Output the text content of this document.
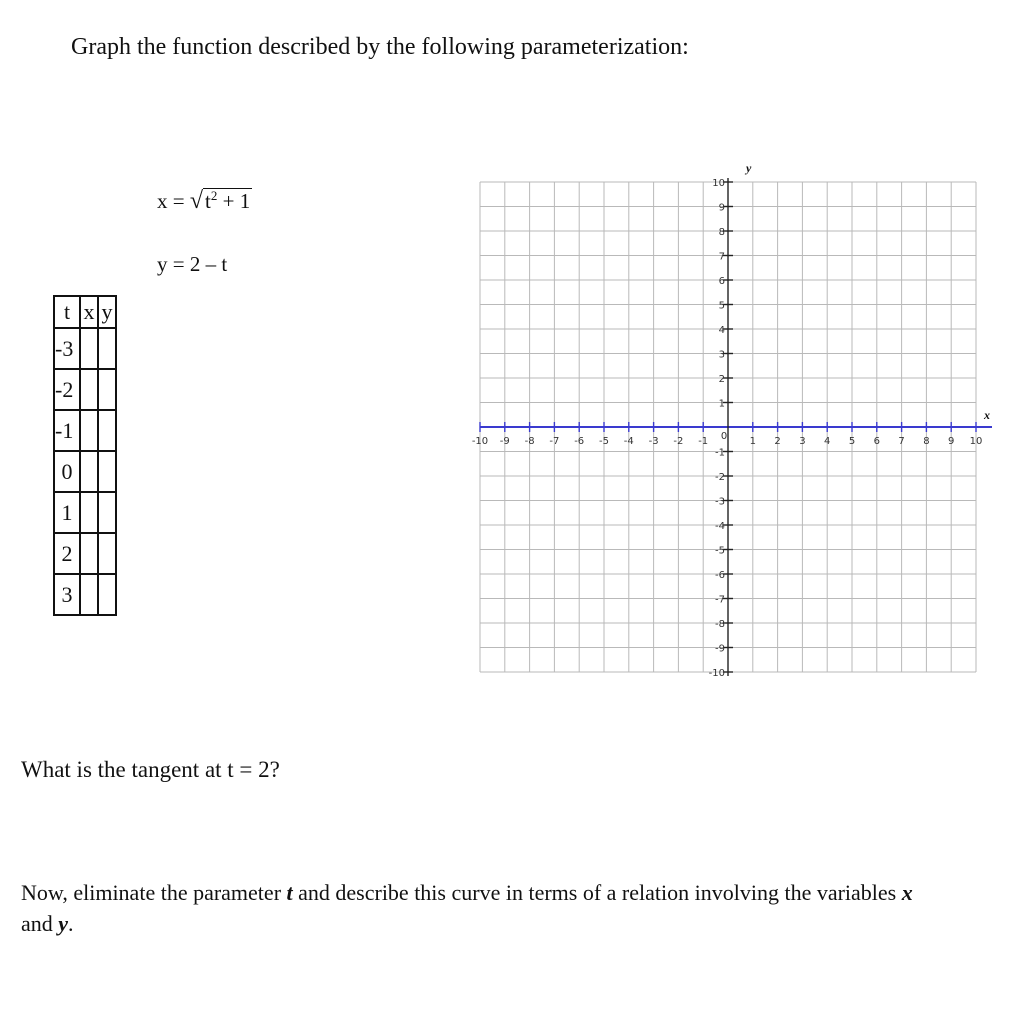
Graph the function described by the following parameterization:
$x = √t^2 + 1$
y = 2 – t
t	x	y
-3		
-2		
-1		
0		
1		
2		
3		
-10 -9 -8 -7 -6 -5 -4 -3 -2 -1 0 1 2 3 4 5 6 7 8 9 10
10
9
8
7
6
5
4
3
2
1
-1
-2
-3
-4
-5
-6
-7
-8
-9
-10
x
y
What is the tangent at t = 2?
Now, eliminate the parameter t and describe this curve in terms of a relation involving the variables x and y.
